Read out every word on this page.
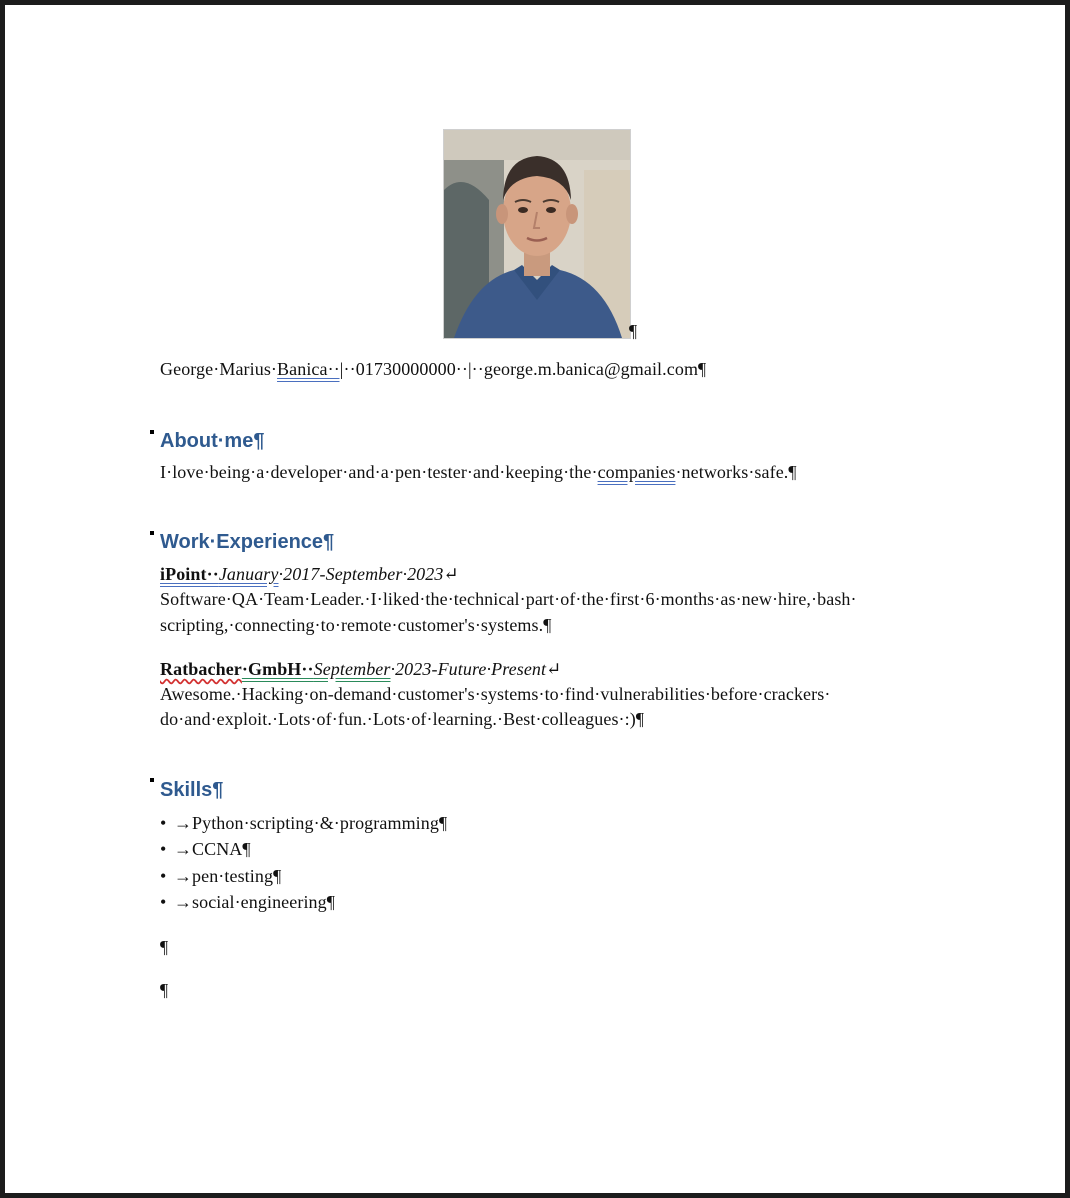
¶
George·Marius·Banica··|··01730000000··|··george.m.banica@gmail.com¶
About·me¶
I·love·being·a·developer·and·a·pen·tester·and·keeping·the·companies·networks·safe.¶
Work·Experience¶
iPoint··January·2017-September·2023↵
Software·QA·Team·Leader.·I·liked·the·technical·part·of·the·first·6·months·as·new·hire,·bash·
scripting,·connecting·to·remote·customer's·systems.¶
Ratbacher·GmbH··September·2023-Future·Present↵
Awesome.·Hacking·on-demand·customer's·systems·to·find·vulnerabilities·before·crackers·
do·and·exploit.·Lots·of·fun.·Lots·of·learning.·Best·colleagues·:)¶
Skills¶
• → Python·scripting·&·programming¶
• → CCNA¶
• → pen·testing¶
• → social·engineering¶
¶
¶
